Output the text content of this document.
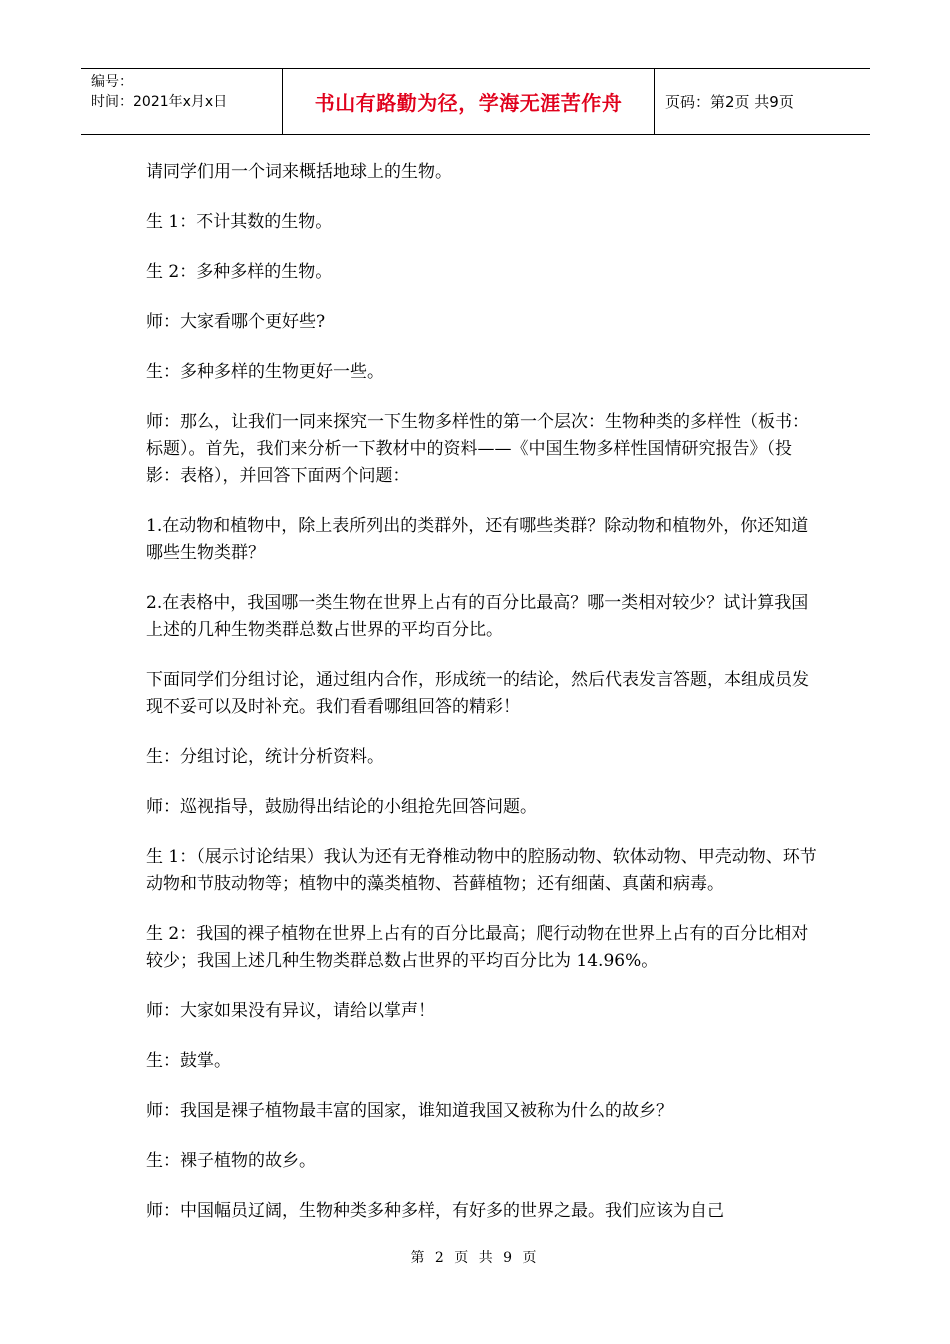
编号：
时间：2021年x月x日	书山有路勤为径，学海无涯苦作舟	页码：第2页 共9页

请同学们用一个词来概括地球上的生物。

生 1：不计其数的生物。

生 2：多种多样的生物。

师：大家看哪个更好些?

生：多种多样的生物更好一些。

师：那么，让我们一同来探究一下生物多样性的第一个层次：生物种类的多样性（板书：标题）。首先，我们来分析一下教材中的资料——《中国生物多样性国情研究报告》（投影：表格），并回答下面两个问题：

1.在动物和植物中，除上表所列出的类群外，还有哪些类群？除动物和植物外，你还知道哪些生物类群？

2.在表格中，我国哪一类生物在世界上占有的百分比最高？哪一类相对较少？试计算我国上述的几种生物类群总数占世界的平均百分比。

下面同学们分组讨论，通过组内合作，形成统一的结论，然后代表发言答题，本组成员发现不妥可以及时补充。我们看看哪组回答的精彩！

生：分组讨论，统计分析资料。

师：巡视指导，鼓励得出结论的小组抢先回答问题。

生 1：（展示讨论结果）我认为还有无脊椎动物中的腔肠动物、软体动物、甲壳动物、环节动物和节肢动物等；植物中的藻类植物、苔藓植物；还有细菌、真菌和病毒。

生 2：我国的裸子植物在世界上占有的百分比最高；爬行动物在世界上占有的百分比相对较少；我国上述几种生物类群总数占世界的平均百分比为 14.96%。

师：大家如果没有异议，请给以掌声！

生：鼓掌。

师：我国是裸子植物最丰富的国家，谁知道我国又被称为什么的故乡？

生：裸子植物的故乡。

师：中国幅员辽阔，生物种类多种多样，有好多的世界之最。我们应该为自己

第 2 页 共 9 页
